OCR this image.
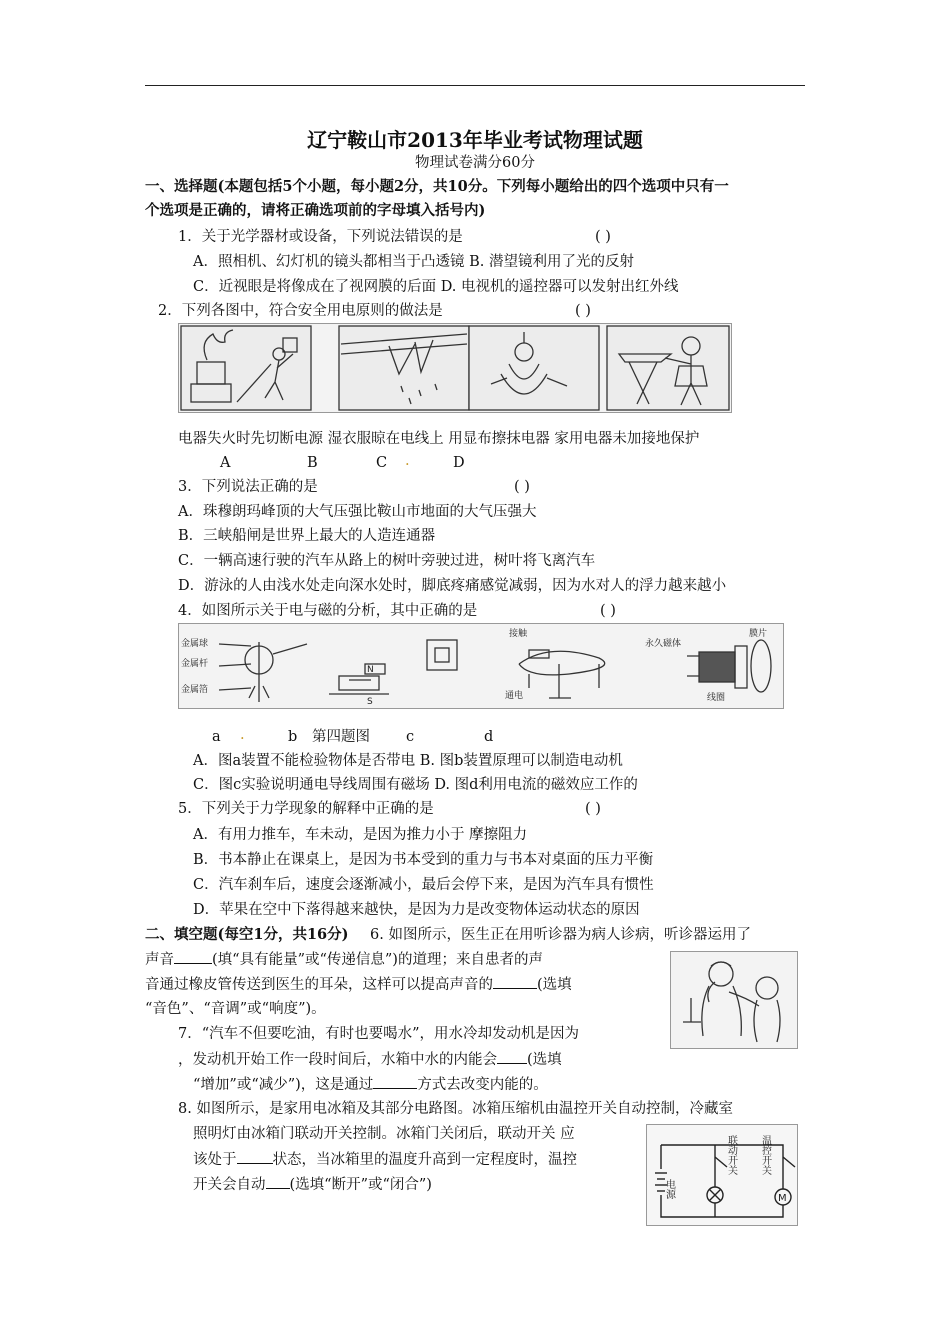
辽宁鞍山市2013年毕业考试物理试题
物理试卷满分60分
一、选择题(本题包括5个小题，每小题2分，共10分。下列每小题给出的四个选项中只有一
个选项是正确的，请将正确选项前的字母填入括号内)
1．关于光学器材或设备，下列说法错误的是	( )
A．照相机、幻灯机的镜头都相当于凸透镜 B. 潜望镜利用了光的反射
C．近视眼是将像成在了视网膜的后面 D. 电视机的遥控器可以发射出红外线
2．下列各图中，符合安全用电原则的做法是	( )
电器失火时先切断电源 湿衣服晾在电线上 用显布擦抹电器 家用电器未加接地保护
A	B	C .	D
3．下列说法正确的是	( )
A．珠穆朗玛峰顶的大气压强比鞍山市地面的大气压强大
B．三峡船闸是世界上最大的人造连通器
C．一辆高速行驶的汽车从路上的树叶旁驶过进，树叶将飞离汽车
D．游泳的人由浅水处走向深水处时，脚底疼痛感觉减弱，因为水对人的浮力越来越小
4．如图所示关于电与磁的分析，其中正确的是	( )
金属球
金属杆
金属箔
N
S
接触
通电
永久磁体
膜片
线圈
a .	b 第四题图 c	d
A．图a装置不能检验物体是否带电 B. 图b装置原理可以制造电动机
C．图c实验说明通电导线周围有磁场 D. 图d利用电流的磁效应工作的
5．下列关于力学现象的解释中正确的是	( )
A．有用力推车，车未动，是因为推力小于 摩擦阻力
B．书本静止在课桌上，是因为书本受到的重力与书本对桌面的压力平衡
C．汽车刹车后，速度会逐渐减小，最后会停下来，是因为汽车具有惯性
D．苹果在空中下落得越来越快，是因为力是改变物体运动状态的原因
二、填空题(每空1分，共16分) 6. 如图所示，医生正在用听诊器为病人诊病，听诊器运用了
声音	(填“具有能量”或“传递信息”)的道理；来自患者的声
音通过橡皮管传送到医生的耳朵，这样可以提高声音的	(选填
“音色”、“音调”或“响度”)。
7．“汽车不但要吃油，有时也要喝水”，用水冷却发动机是因为
，发动机开始工作一段时间后，水箱中水的内能会 (选填
“增加”或“减少”)，这是通过	方式去改变内能的。
8. 如图所示，是家用电冰箱及其部分电路图。冰箱压缩机由温控开关自动控制，冷藏室
照明灯由冰箱门联动开关控制。冰箱门关闭后，联动开关 应
该处于 状态，当冰箱里的温度升高到一定程度时，温控
开关会自动 (选填“断开”或“闭合”)	电源
联动开关 温控开关
M
